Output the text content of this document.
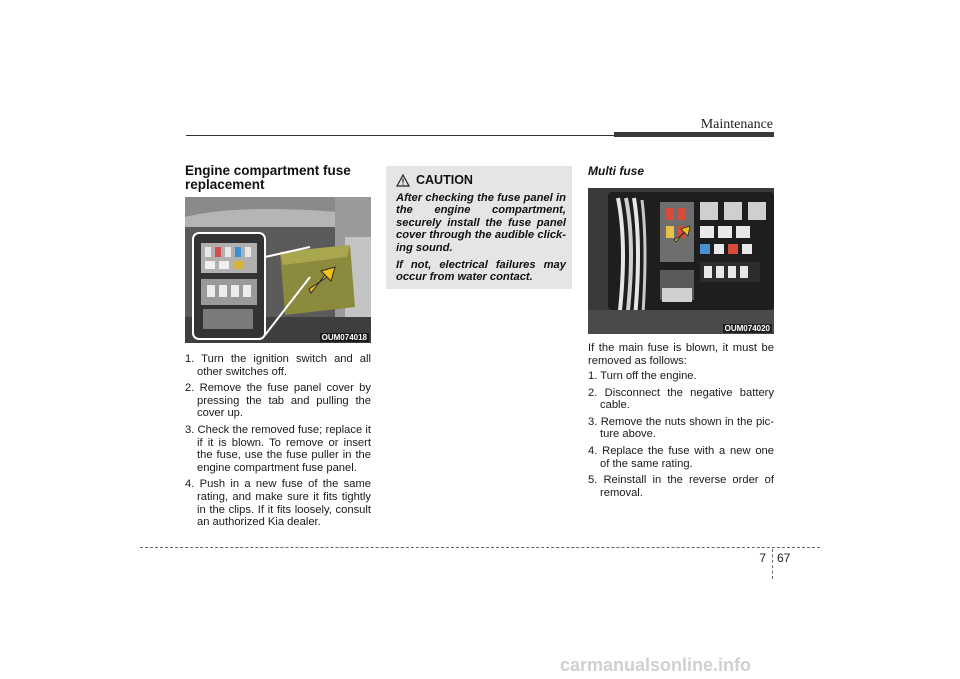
Maintenance
Engine compartment fuse replacement
OUM074018
1. Turn the ignition switch and all other switches off.
2. Remove the fuse panel cover by pressing the tab and pulling the cover up.
3. Check the removed fuse; replace it if it is blown. To remove or insert the fuse, use the fuse puller in the engine compartment fuse panel.
4. Push in a new fuse of the same rating, and make sure it fits tightly in the clips. If it fits loosely, consult an authorized Kia dealer.
CAUTION

After checking the fuse panel in the engine compartment, securely install the fuse panel cover through the audible click-ing sound.

If not, electrical failures may occur from water contact.

Multi fuse
OUM074020

If the main fuse is blown, it must be removed as follows:

1. Turn off the engine.
2. Disconnect the negative battery cable.
3. Remove the nuts shown in the pic-ture above.
4. Replace the fuse with a new one of the same rating.
5. Reinstall in the reverse order of removal.
7 67
carmanualsonline.info
